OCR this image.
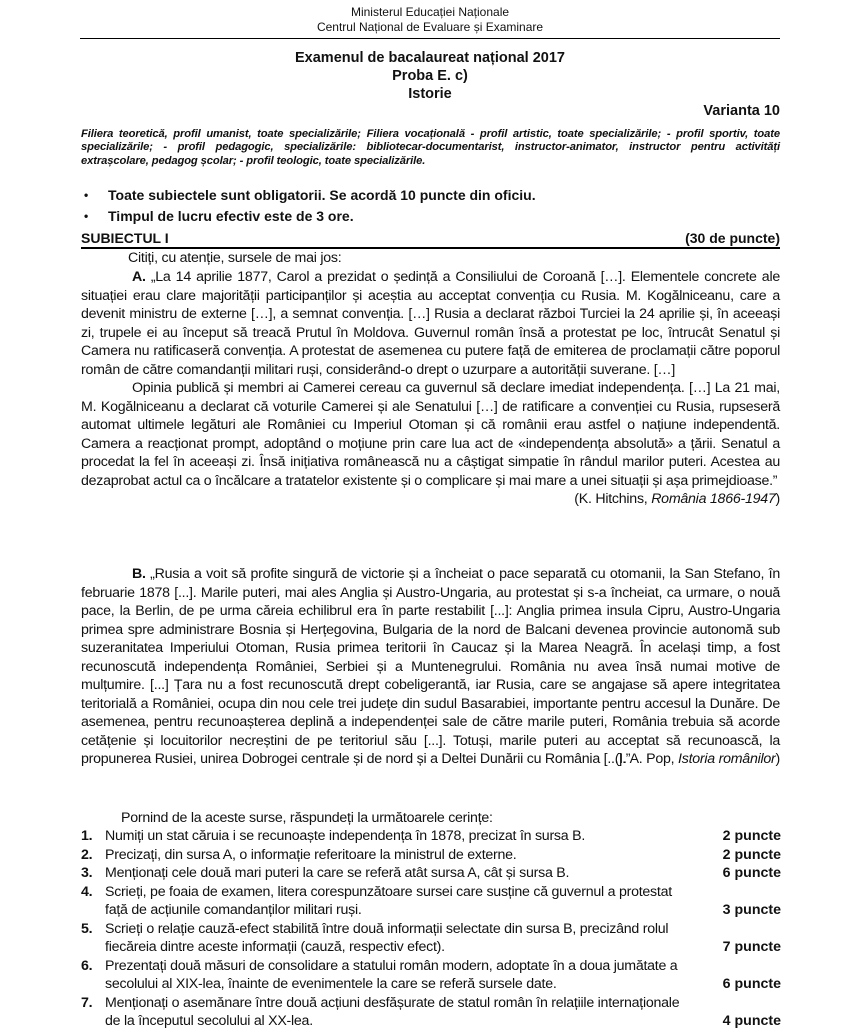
Ministerul Educației Naționale
Centrul Național de Evaluare și Examinare
Examenul de bacalaureat național 2017
Proba E. c)
Istorie
Varianta 10
Filiera teoretică, profil umanist, toate specializările; Filiera vocațională - profil artistic, toate specializările; - profil sportiv, toate specializările; - profil pedagogic, specializările: bibliotecar-documentarist, instructor-animator, instructor pentru activități extrașcolare, pedagog școlar; - profil teologic, toate specializările.
•	Toate subiectele sunt obligatorii. Se acordă 10 puncte din oficiu.
•	Timpul de lucru efectiv este de 3 ore.
SUBIECTUL I	(30 de puncte)
Citiți, cu atenție, sursele de mai jos:
A. „La 14 aprilie 1877, Carol a prezidat o ședință a Consiliului de Coroană […]. Elementele concrete ale situației erau clare majorității participanților și aceștia au acceptat convenția cu Rusia. M. Kogălniceanu, care a devenit ministru de externe […], a semnat convenția. […] Rusia a declarat război Turciei la 24 aprilie și, în aceeași zi, trupele ei au început să treacă Prutul în Moldova. Guvernul român însă a protestat pe loc, întrucât Senatul și Camera nu ratificaseră convenția. A protestat de asemenea cu putere față de emiterea de proclamații către poporul român de către comandanții militari ruși, considerând-o drept o uzurpare a autorității suverane. […]
Opinia publică și membri ai Camerei cereau ca guvernul să declare imediat independența. […] La 21 mai, M. Kogălniceanu a declarat că voturile Camerei și ale Senatului […] de ratificare a convenției cu Rusia, rupseseră automat ultimele legături ale României cu Imperiul Otoman și că românii erau astfel o națiune independentă. Camera a reacționat prompt, adoptând o moțiune prin care lua act de «independența absolută» a țării. Senatul a procedat la fel în aceeași zi. Însă inițiativa românească nu a câștigat simpatie în rândul marilor puteri. Acestea au dezaprobat actul ca o încălcare a tratatelor existente și o complicare și mai mare a unei situații și așa primejdioase.”
(K. Hitchins, România 1866-1947)
B. „Rusia a voit să profite singură de victorie și a încheiat o pace separată cu otomanii, la San Stefano, în februarie 1878 [...]. Marile puteri, mai ales Anglia și Austro-Ungaria, au protestat și s-a încheiat, ca urmare, o nouă pace, la Berlin, de pe urma căreia echilibrul era în parte restabilit [...]: Anglia primea insula Cipru, Austro-Ungaria primea spre administrare Bosnia și Herțegovina, Bulgaria de la nord de Balcani devenea provincie autonomă sub suzeranitatea Imperiului Otoman, Rusia primea teritorii în Caucaz și la Marea Neagră. În același timp, a fost recunoscută independența României, Serbiei și a Muntenegrului. România nu avea însă numai motive de mulțumire. [...] Țara nu a fost recunoscută drept cobeligerantă, iar Rusia, care se angajase să apere integritatea teritorială a României, ocupa din nou cele trei județe din sudul Basarabiei, importante pentru accesul la Dunăre. De asemenea, pentru recunoașterea deplină a independenței sale de către marile puteri, România trebuia să acorde cetățenie și locuitorilor necreștini de pe teritoriul său [...]. Totuși, marile puteri au acceptat să recunoască, la propunerea Rusiei, unirea Dobrogei centrale și de nord și a Deltei Dunării cu România [...].”
(I. A. Pop, Istoria românilor)
Pornind de la aceste surse, răspundeți la următoarele cerințe:
1. Numiți un stat căruia i se recunoaște independența în 1878, precizat în sursa B.	2 puncte
2. Precizați, din sursa A, o informație referitoare la ministrul de externe.	2 puncte
3. Menționați cele două mari puteri la care se referă atât sursa A, cât și sursa B.	6 puncte
4. Scrieți, pe foaia de examen, litera corespunzătoare sursei care susține că guvernul a protestat
față de acțiunile comandanților militari ruși.	3 puncte
5. Scrieți o relație cauză-efect stabilită între două informații selectate din sursa B, precizând rolul
fiecăreia dintre aceste informații (cauză, respectiv efect).	7 puncte
6. Prezentați două măsuri de consolidare a statului român modern, adoptate în a doua jumătate a
secolului al XIX-lea, înainte de evenimentele la care se referă sursele date.	6 puncte
7. Menționați o asemănare între două acțiuni desfășurate de statul român în relațiile internaționale
de la începutul secolului al XX-lea.	4 puncte
